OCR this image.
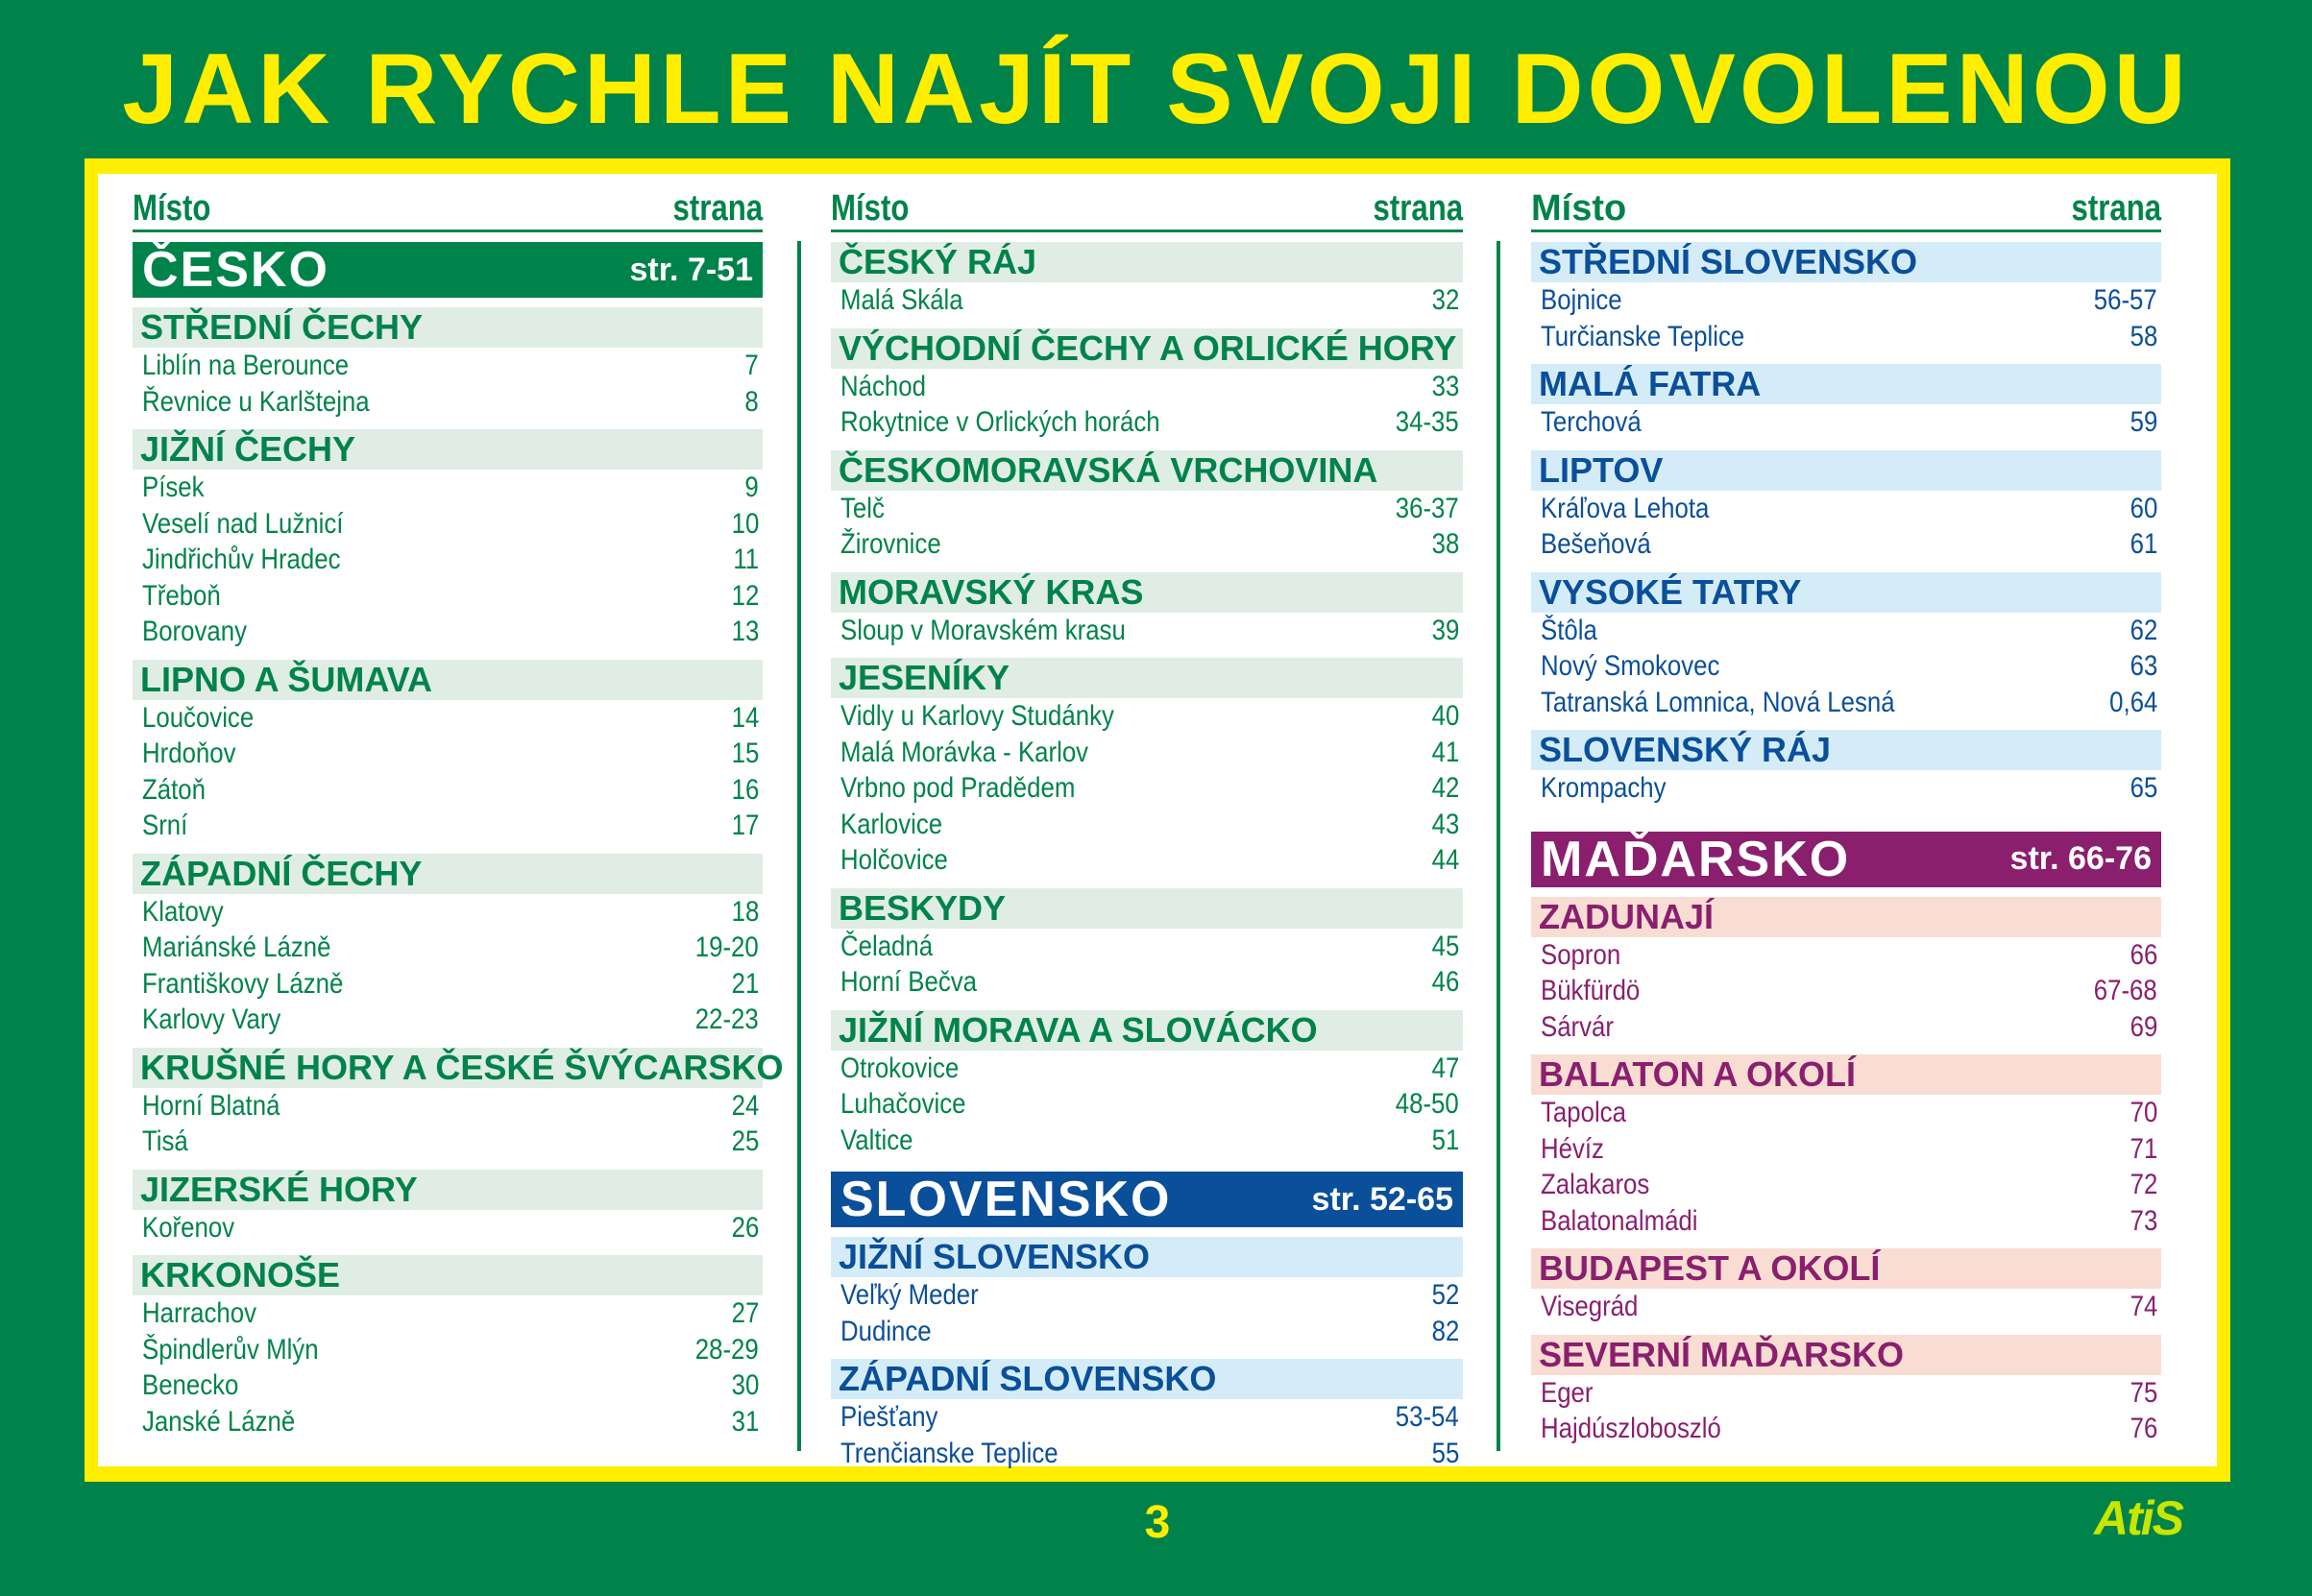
JAK RYCHLE NAJÍT SVOJI DOVOLENOU
Místo	strana
ČESKO	str. 7-51
STŘEDNÍ ČECHY
Liblín na Berounce	7
Řevnice u Karlštejna	8
JIŽNÍ ČECHY
Písek	9
Veselí nad Lužnicí	10
Jindřichův Hradec	11
Třeboň	12
Borovany	13
LIPNO A ŠUMAVA
Loučovice	14
Hrdoňov	15
Zátoň	16
Srní	17
ZÁPADNÍ ČECHY
Klatovy	18
Mariánské Lázně	19-20
Františkovy Lázně	21
Karlovy Vary	22-23
KRUŠNÉ HORY A ČESKÉ ŠVÝCARSKO
Horní Blatná	24
Tisá	25
JIZERSKÉ HORY
Kořenov	26
KRKONOŠE
Harrachov	27
Špindlerův Mlýn	28-29
Benecko	30
Janské Lázně	31
Místo	strana
ČESKÝ RÁJ
Malá Skála	32
VÝCHODNÍ ČECHY A ORLICKÉ HORY
Náchod	33
Rokytnice v Orlických horách	34-35
ČESKOMORAVSKÁ VRCHOVINA
Telč	36-37
Žirovnice	38
MORAVSKÝ KRAS
Sloup v Moravském krasu	39
JESENÍKY
Vidly u Karlovy Studánky	40
Malá Morávka - Karlov	41
Vrbno pod Pradědem	42
Karlovice	43
Holčovice	44
BESKYDY
Čeladná	45
Horní Bečva	46
JIŽNÍ MORAVA A SLOVÁCKO
Otrokovice	47
Luhačovice	48-50
Valtice	51
SLOVENSKO	str. 52-65
JIŽNÍ SLOVENSKO
Veľký Meder	52
Dudince	82
ZÁPADNÍ SLOVENSKO
Piešťany	53-54
Trenčianske Teplice	55
Místo	strana
STŘEDNÍ SLOVENSKO
Bojnice	56-57
Turčianske Teplice	58
MALÁ FATRA
Terchová	59
LIPTOV
Kráľova Lehota	60
Bešeňová	61
VYSOKÉ TATRY
Štôla	62
Nový Smokovec	63
Tatranská Lomnica, Nová Lesná	0,64
SLOVENSKÝ RÁJ
Krompachy	65
MAĎARSKO	str. 66-76
ZADUNAJÍ
Sopron	66
Bükfürdö	67-68
Sárvár	69
BALATON A OKOLÍ
Tapolca	70
Hévíz	71
Zalakaros	72
Balatonalmádi	73
BUDAPEST A OKOLÍ
Visegrád	74
SEVERNÍ MAĎARSKO
Eger	75
Hajdúszloboszló	76
3	AtiS
